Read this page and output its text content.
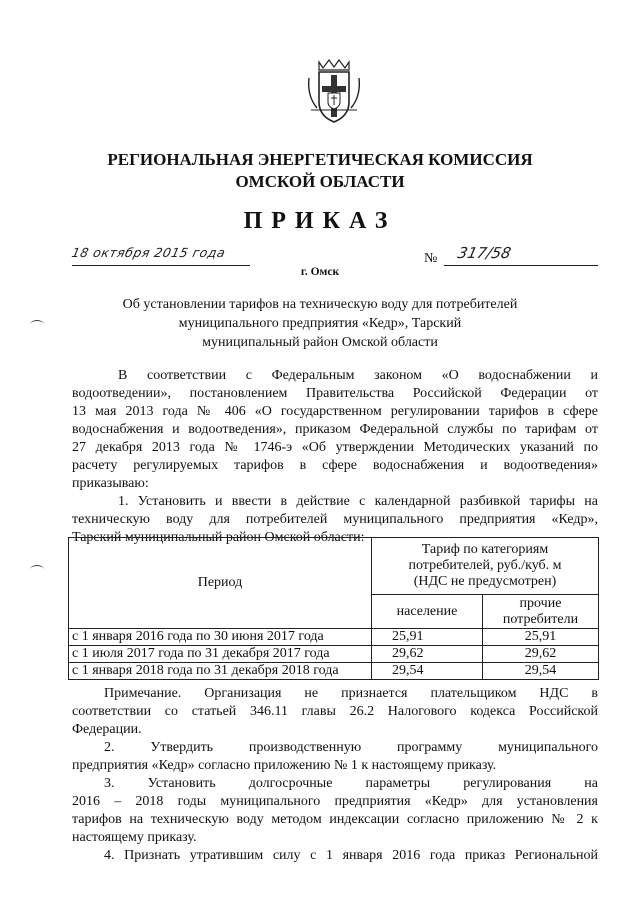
РЕГИОНАЛЬНАЯ ЭНЕРГЕТИЧЕСКАЯ КОМИССИЯ
ОМСКОЙ ОБЛАСТИ
ПРИКАЗ
18 октября 2015 года	№ 317/58
г. Омск
Об установлении тарифов на техническую воду для потребителей
муниципального предприятия «Кедр», Тарский
муниципальный район Омской области
В соответствии с Федеральным законом «О водоснабжении и
водоотведении», постановлением Правительства Российской Федерации от
13 мая 2013 года № 406 «О государственном регулировании тарифов в сфере
водоснабжения и водоотведения», приказом Федеральной службы по тарифам от
27 декабря 2013 года № 1746-э «Об утверждении Методических указаний по
расчету регулируемых тарифов в сфере водоснабжения и водоотведения»
приказываю:
1. Установить и ввести в действие с календарной разбивкой тарифы на
техническую воду для потребителей муниципального предприятия «Кедр»,
Тарский муниципальный район Омской области:
Период	Тариф по категориям
потребителей, руб./куб. м
(НДС не предусмотрен)	

	население	прочие
потребители

с 1 января 2016 года по 30 июня 2017 года	25,91	25,91
с 1 июля 2017 года по 31 декабря 2017 года	29,62	29,62
с 1 января 2018 года по 31 декабря 2018 года	29,54	29,54
Примечание. Организация не признается плательщиком НДС в
соответствии со статьей 346.11 главы 26.2 Налогового кодекса Российской
Федерации.
2. Утвердить производственную программу муниципального
предприятия «Кедр» согласно приложению № 1 к настоящему приказу.
3. Установить долгосрочные параметры регулирования на
2016 – 2018 годы муниципального предприятия «Кедр» для установления
тарифов на техническую воду методом индексации согласно приложению № 2 к
настоящему приказу.
4. Признать утратившим силу с 1 января 2016 года приказ Региональной
